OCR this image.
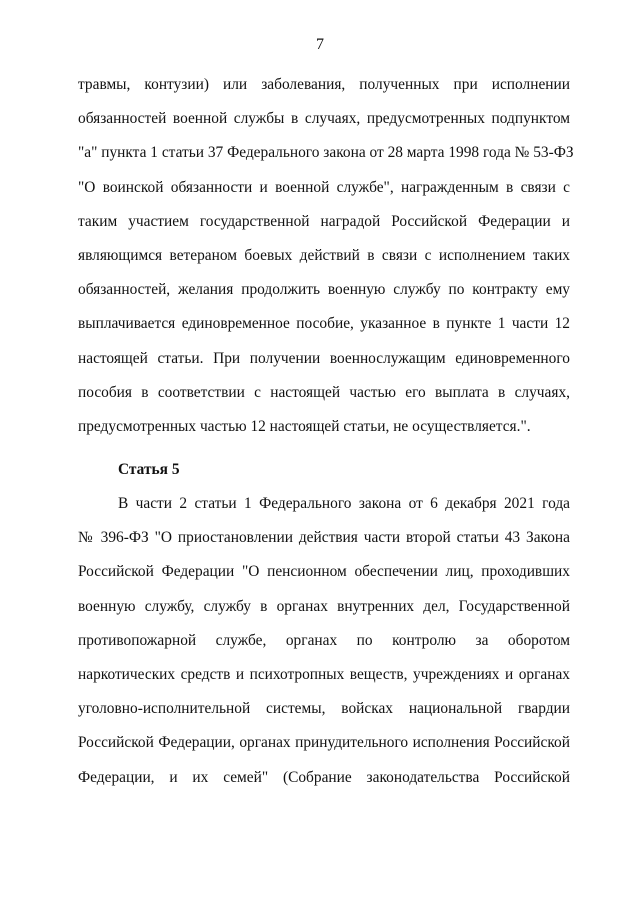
7
травмы, контузии) или заболевания, полученных при исполнении
обязанностей военной службы в случаях, предусмотренных подпунктом
"а" пункта 1 статьи 37 Федерального закона от 28 марта 1998 года № 53-ФЗ
"О воинской обязанности и военной службе", награжденным в связи с
таким участием государственной наградой Российской Федерации и
являющимся ветераном боевых действий в связи с исполнением таких
обязанностей, желания продолжить военную службу по контракту ему
выплачивается единовременное пособие, указанное в пункте 1 части 12
настоящей статьи. При получении военнослужащим единовременного
пособия в соответствии с настоящей частью его выплата в случаях,
предусмотренных частью 12 настоящей статьи, не осуществляется.".
Статья 5
В части 2 статьи 1 Федерального закона от 6 декабря 2021 года
№ 396-ФЗ "О приостановлении действия части второй статьи 43 Закона
Российской Федерации "О пенсионном обеспечении лиц, проходивших
военную службу, службу в органах внутренних дел, Государственной
противопожарной службе, органах по контролю за оборотом
наркотических средств и психотропных веществ, учреждениях и органах
уголовно-исполнительной системы, войсках национальной гвардии
Российской Федерации, органах принудительного исполнения Российской
Федерации, и их семей" (Собрание законодательства Российской
